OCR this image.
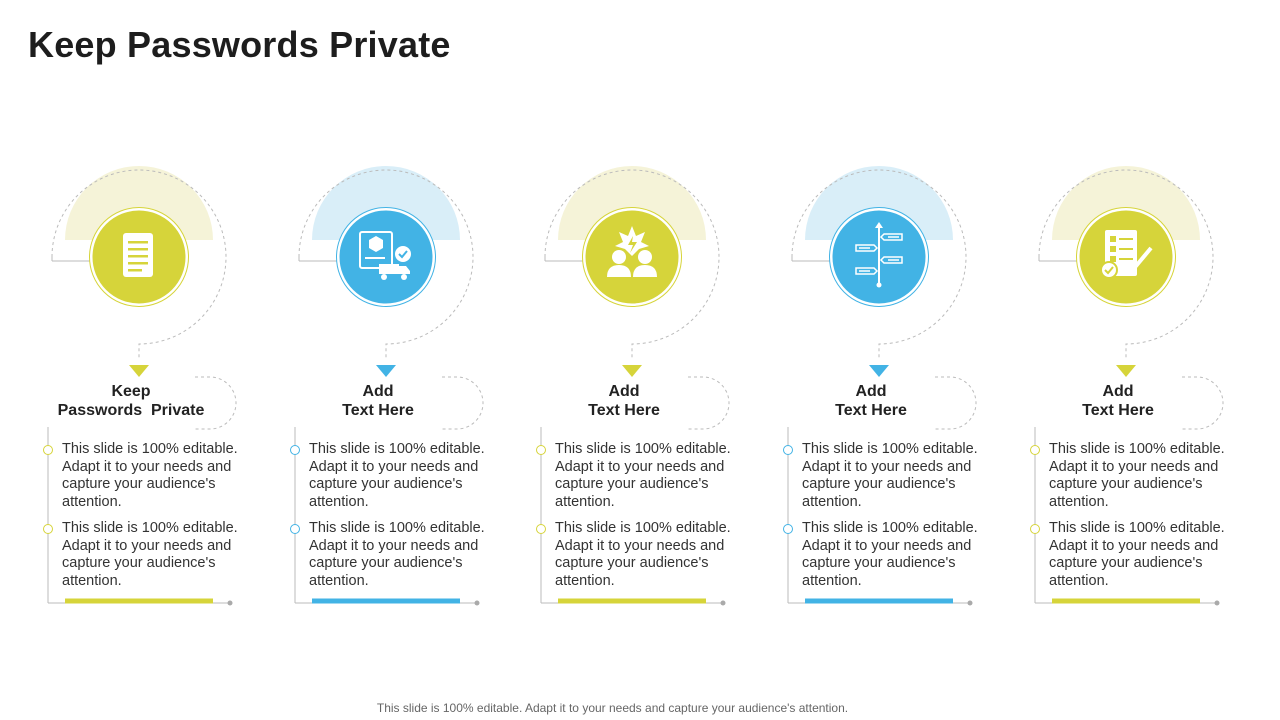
Keep Passwords Private
Keep
Passwords  Private
This slide is 100% editable. Adapt it to your needs and capture your audience's attention.
This slide is 100% editable. Adapt it to your needs and capture your audience's attention.
Add
Text Here
This slide is 100% editable. Adapt it to your needs and capture your audience's attention.
This slide is 100% editable. Adapt it to your needs and capture your audience's attention.
Add
Text Here
This slide is 100% editable. Adapt it to your needs and capture your audience's attention.
This slide is 100% editable. Adapt it to your needs and capture your audience's attention.
Add
Text Here
This slide is 100% editable. Adapt it to your needs and capture your audience's attention.
This slide is 100% editable. Adapt it to your needs and capture your audience's attention.
Add
Text Here
This slide is 100% editable. Adapt it to your needs and capture your audience's attention.
This slide is 100% editable. Adapt it to your needs and capture your audience's attention.
This slide is 100% editable. Adapt it to your needs and capture your audience's attention.
